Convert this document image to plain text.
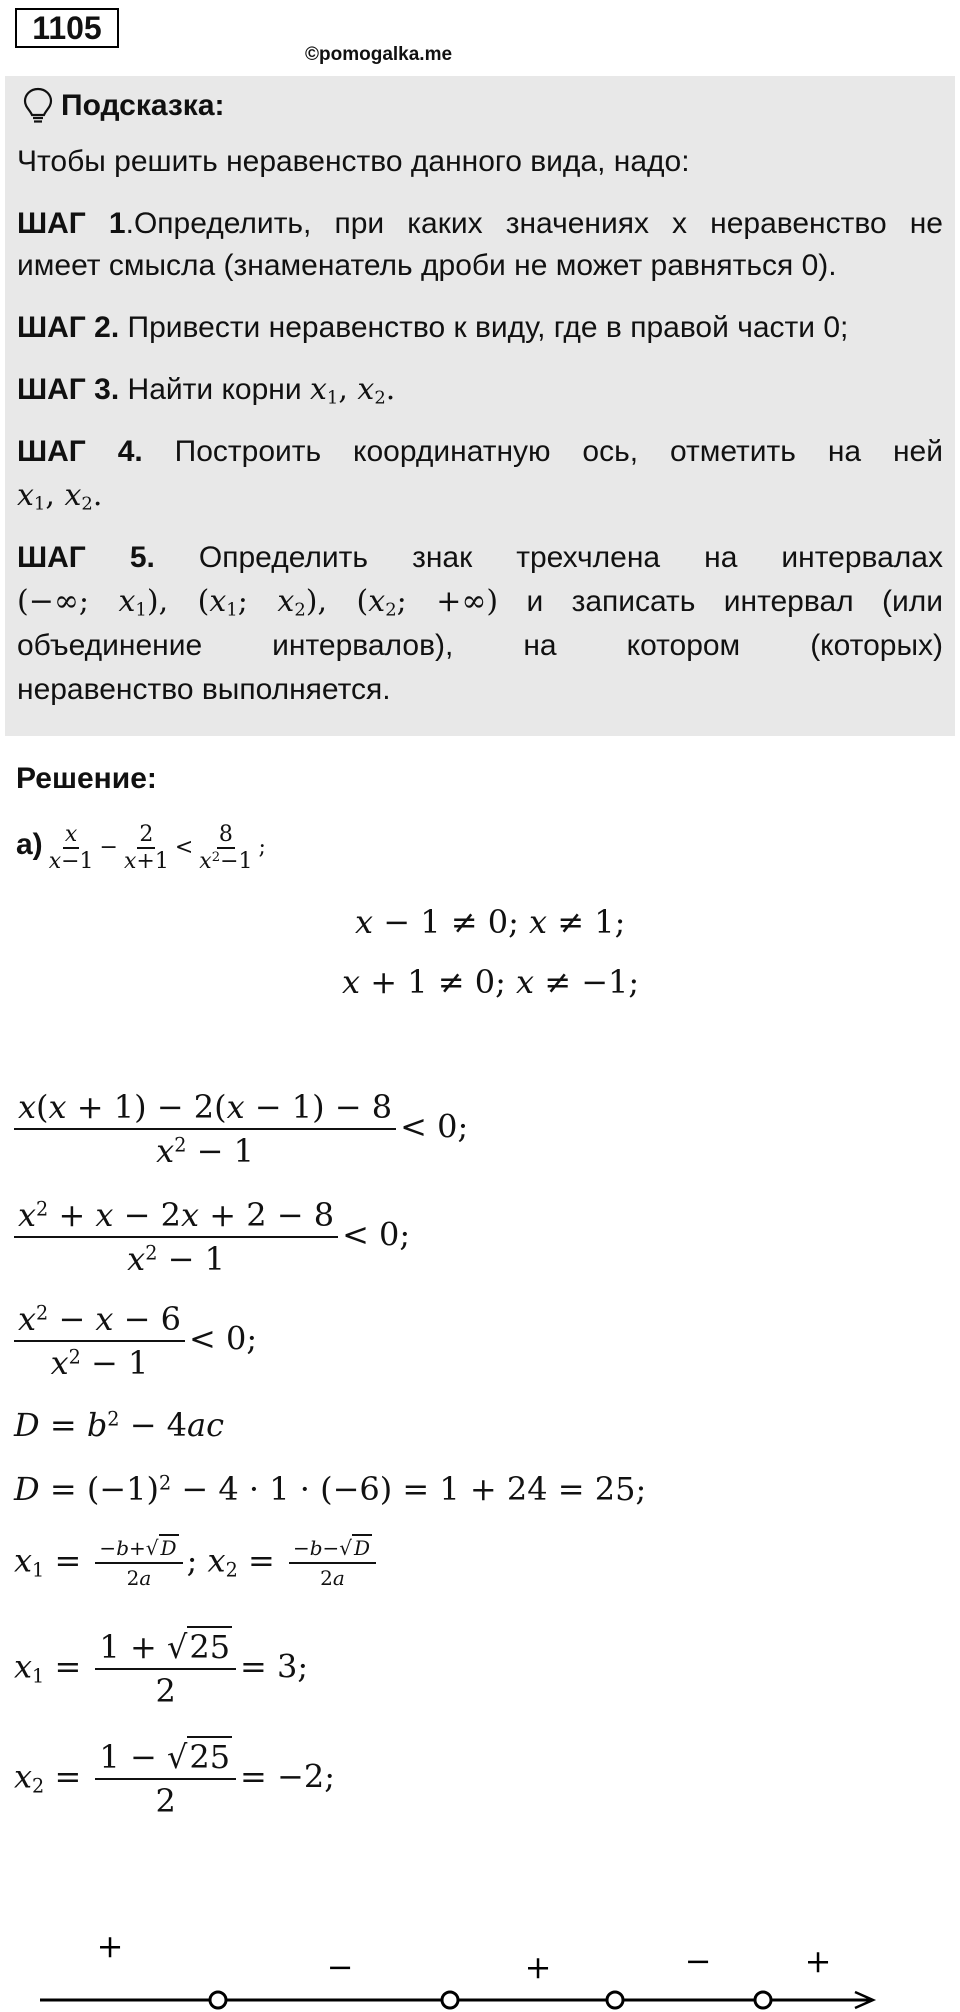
1105
©pomogalka.me
Подсказка:

Чтобы решить неравенство данного вида, надо:

ШАГ 1.Определить, при каких значениях х неравенство не

имеет смысла (знаменатель дроби не может равняться 0).

ШАГ 2. Привести неравенство к виду, где в правой части 0;

ШАГ 3. Найти корни $x_1$, $x_2$.

ШАГ 4. Построить координатную ось, отметить на ней

$x_1$, $x_2$.

ШАГ 5. Определить знак трехчлена на интервалах

(−∞; $x_1$), ($x_1$; $x_2$), ($x_2$; +∞) и записать интервал (или

объединение интервалов), на котором (которых)

неравенство выполняется.

Решение:
$а) \frac{x}{x-1} - \frac{2}{x+1} < \frac{8}{x^2-1}$ ;
x − 1 ≠ 0; x ≠ 1;
x + 1 ≠ 0; x ≠ −1;
$\frac{x(x + 1) - 2(x - 1) - 8}{x^2 - 1} < 0$;
$\frac{x^2 + x - 2x + 2 - 8}{x^2 - 1} < 0$;
$\frac{x^2 - x - 6}{x^2 - 1} < 0$;
$D = b^2 - 4ac$
$D = (-1)^2 - 4 \cdot 1 \cdot (-6) = 1 + 24 = 25$;
$x_1 = \frac{-b+√ D}{2a}$ ; $x_2 = \frac{-b-√ D}{2a}$
$x_1 = \frac{1 + √25}{2} = 3$;
$x_2 = \frac{1 - √25}{2} = -2$;
+
−	+	−	+
